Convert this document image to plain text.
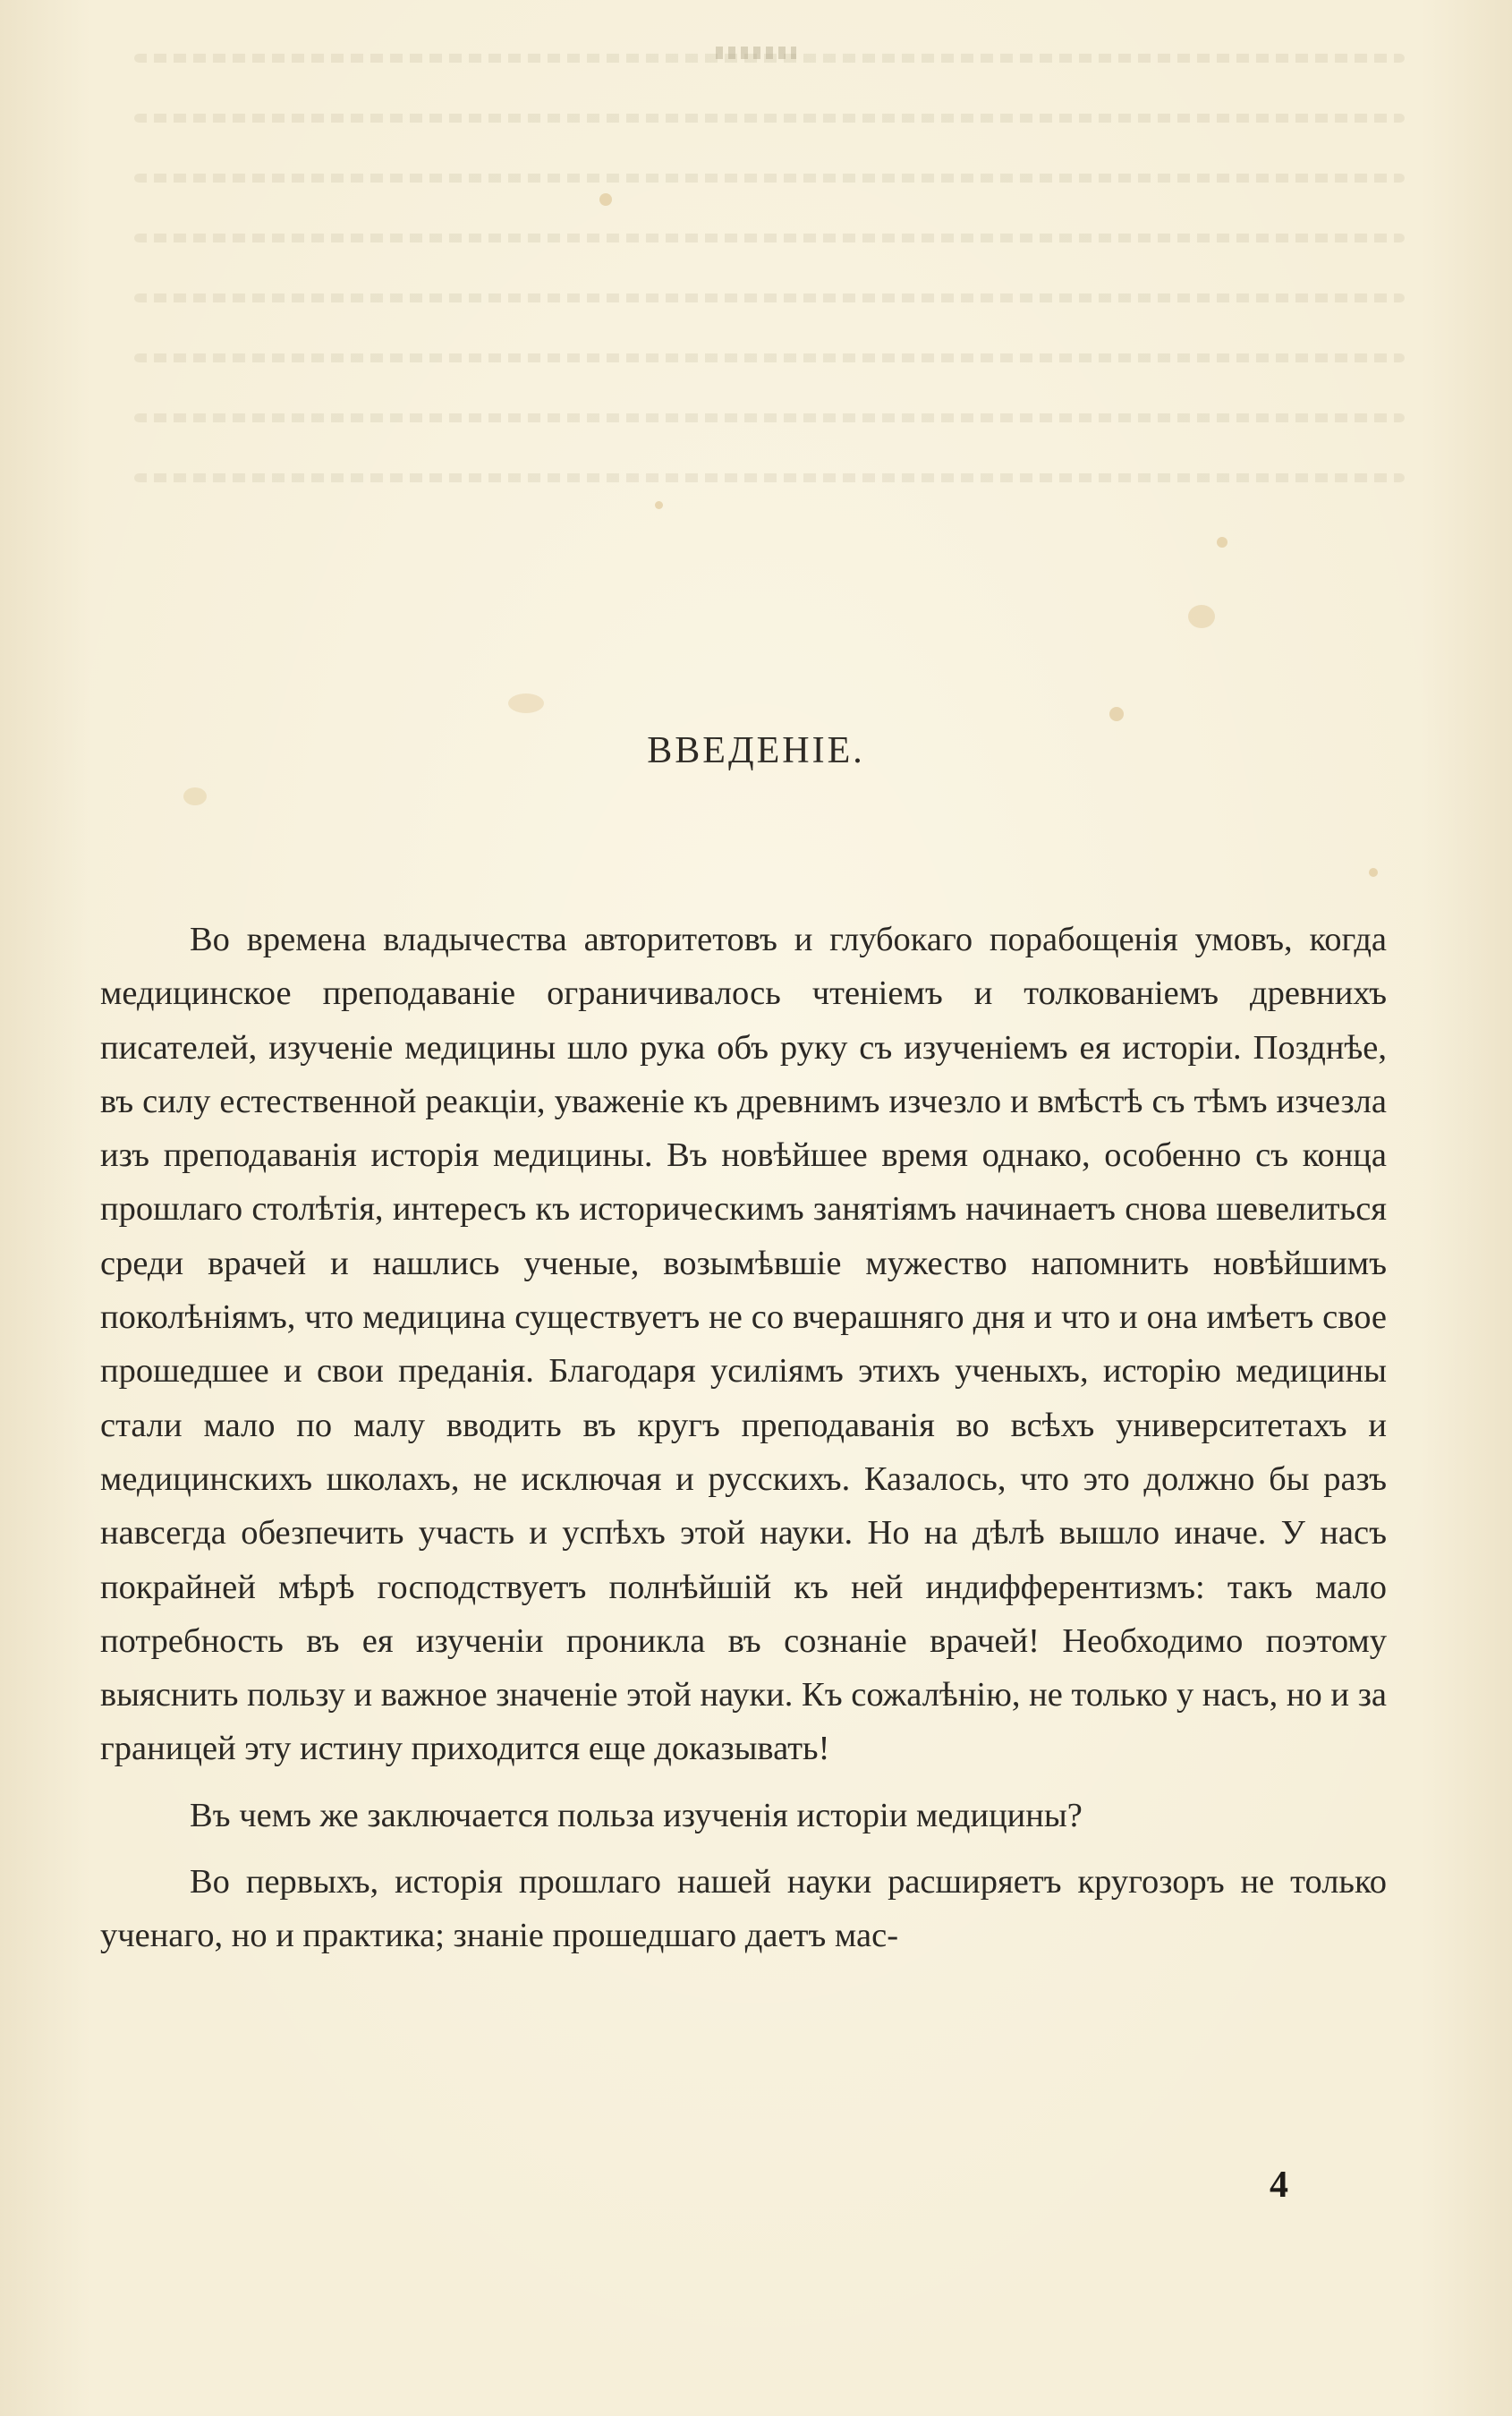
ВВЕДЕНІЕ.

Во времена владычества авторитетовъ и глубокаго порабощенія умовъ, когда медицинское преподаваніе ограничивалось чтеніемъ и толкованіемъ древнихъ писателей, изученіе медицины шло рука объ руку съ изученіемъ ея исторіи. Позднѣе, въ силу естественной реакціи, уваженіе къ древнимъ изчезло и вмѣстѣ съ тѣмъ изчезла изъ преподаванія исторія медицины. Въ новѣйшее время однако, особенно съ конца прошлаго столѣтія, интересъ къ историческимъ занятіямъ начинаетъ снова шевелиться среди врачей и нашлись ученые, возымѣвшіе мужество напомнить новѣйшимъ поколѣніямъ, что медицина существуетъ не со вчерашняго дня и что и она имѣетъ свое прошедшее и свои преданія. Благодаря усиліямъ этихъ ученыхъ, исторію медицины стали мало по малу вводить въ кругъ преподаванія во всѣхъ университетахъ и медицинскихъ школахъ, не исключая и русскихъ. Казалось, что это должно бы разъ навсегда обезпечить участь и успѣхъ этой науки. Но на дѣлѣ вышло иначе. У насъ покрайней мѣрѣ господствуетъ полнѣйшій къ ней индифферентизмъ: такъ мало потребность въ ея изученіи проникла въ сознаніе врачей! Необходимо поэтому выяснить пользу и важное значеніе этой науки. Къ сожалѣнію, не только у насъ, но и за границей эту истину приходится еще доказывать!

Въ чемъ же заключается польза изученія исторіи медицины?

Во первыхъ, исторія прошлаго нашей науки расширяетъ кругозоръ не только ученаго, но и практика; знаніе прошедшаго даетъ мас-

4
